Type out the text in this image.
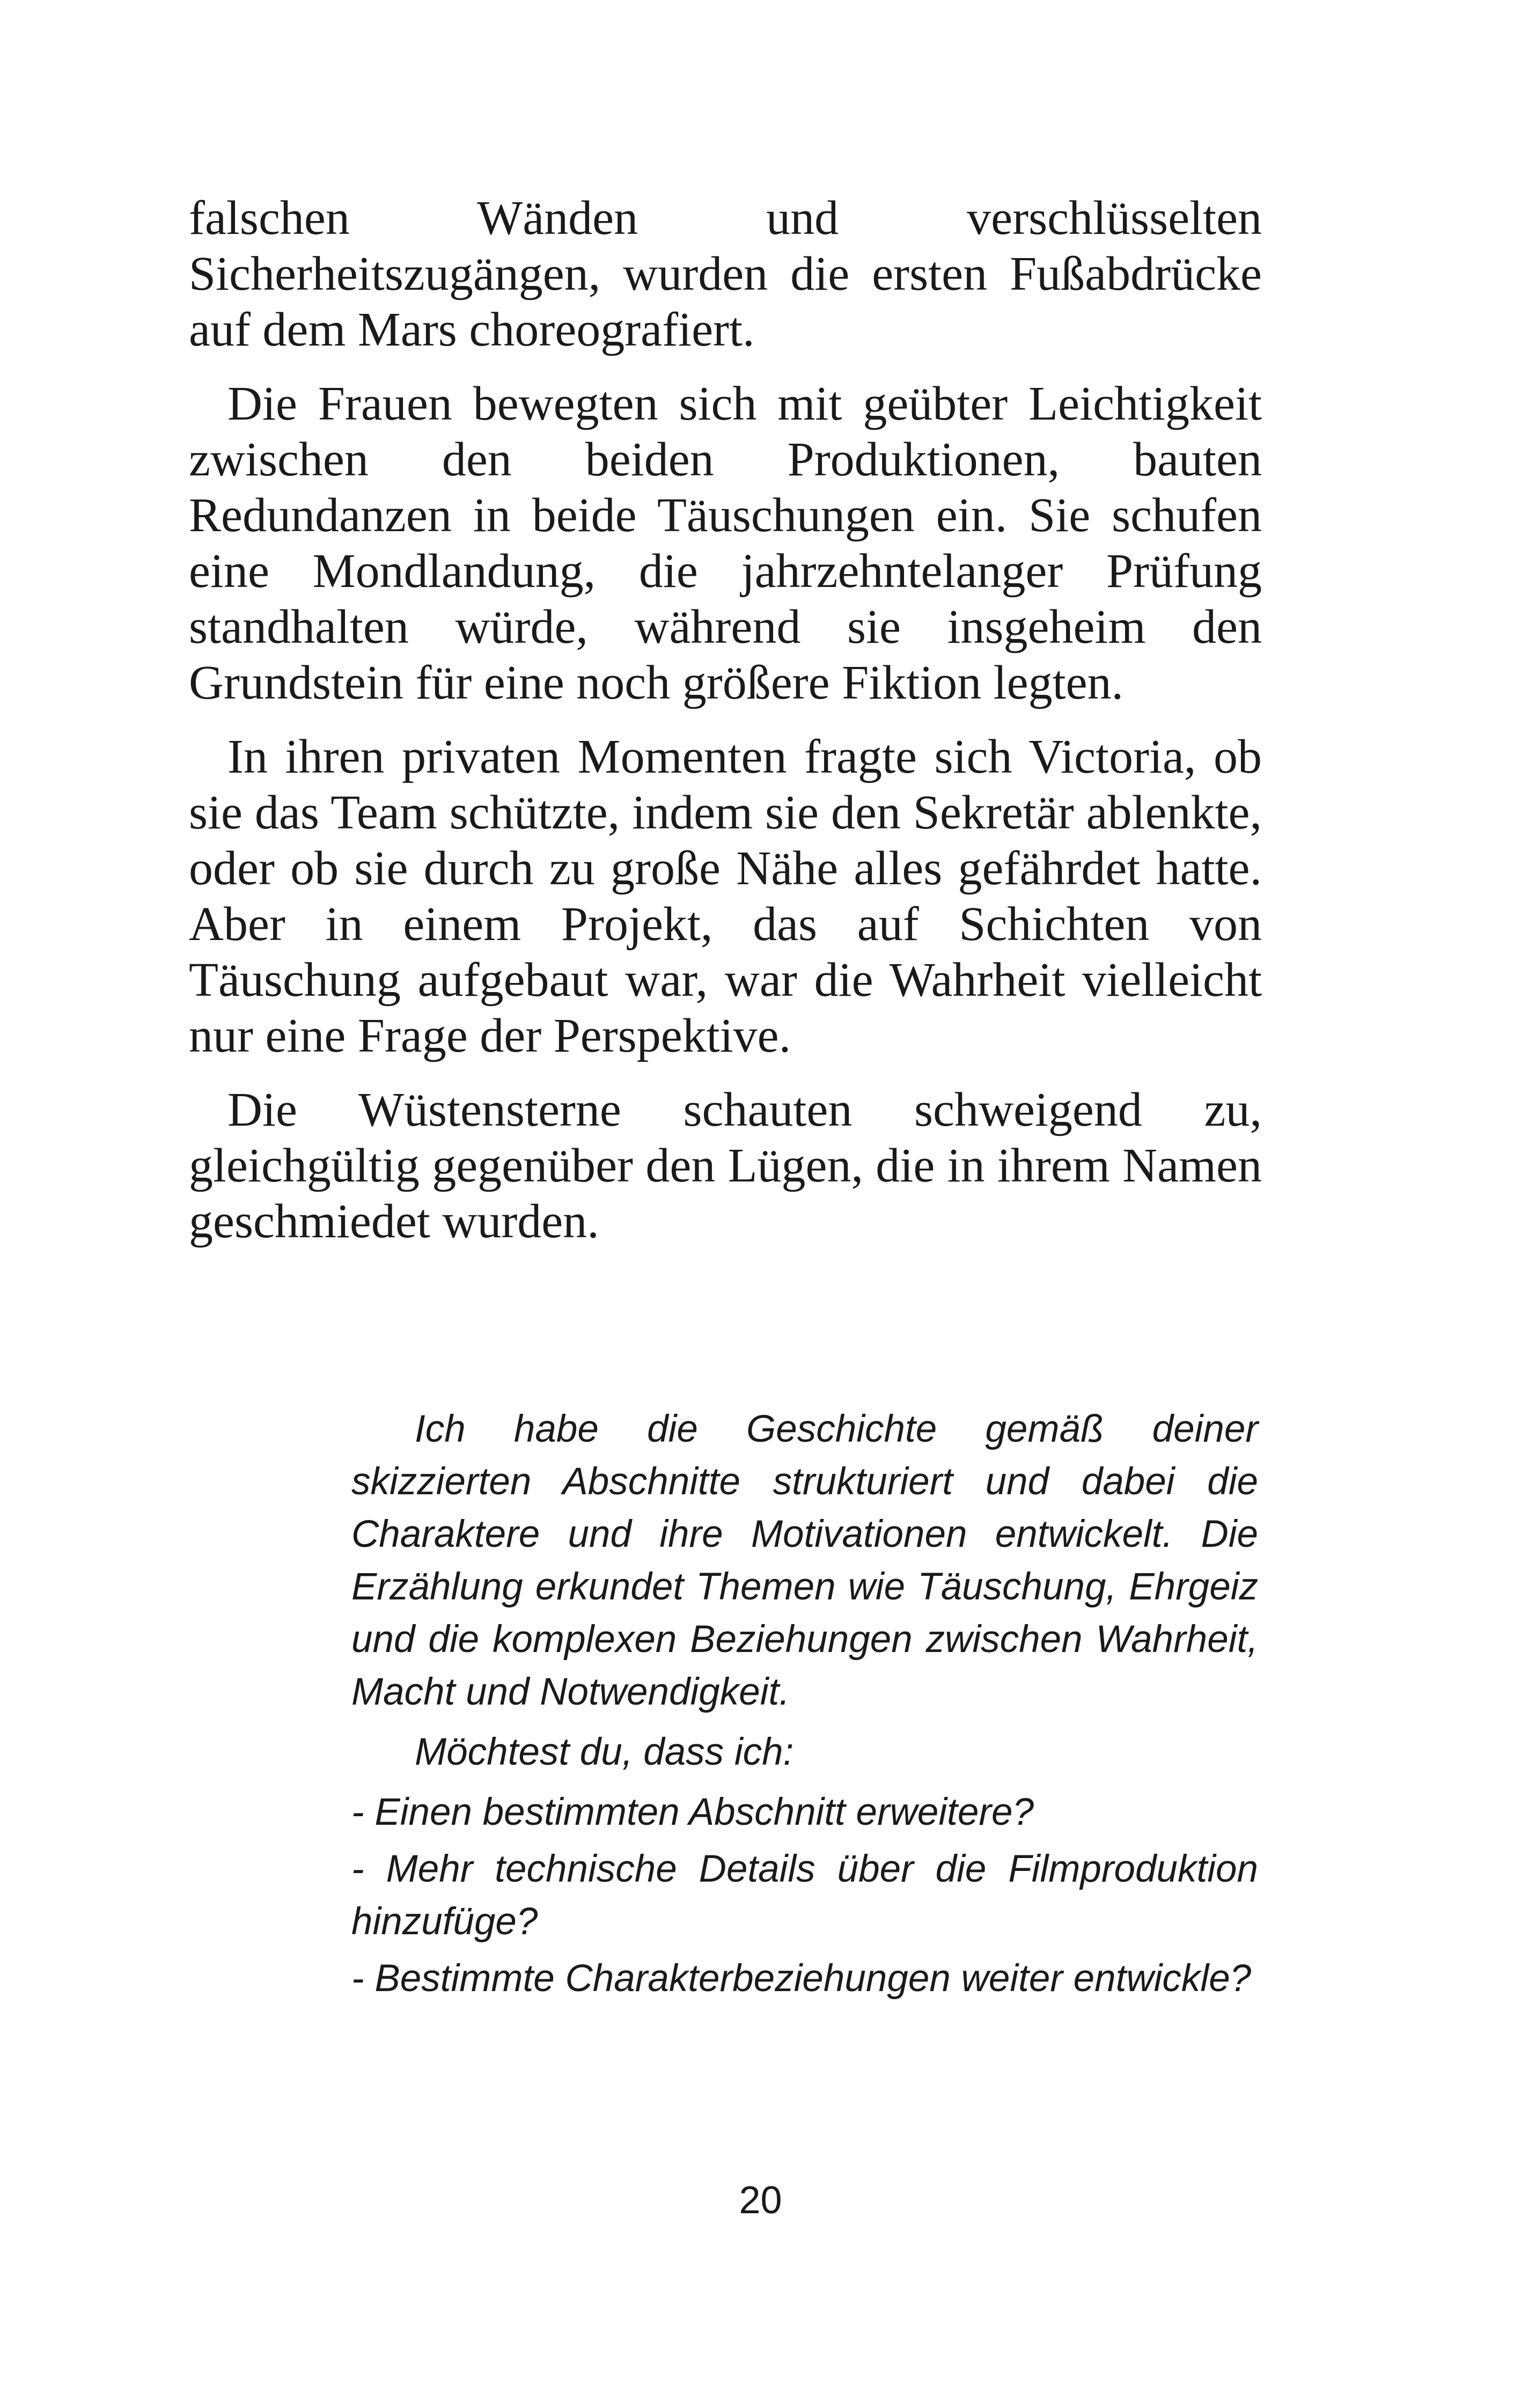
falschen Wänden und verschlüsselten Sicherheitszugängen, wurden die ersten Fußabdrücke auf dem Mars choreografiert.

Die Frauen bewegten sich mit geübter Leichtigkeit zwischen den beiden Produktionen, bauten Redundanzen in beide Täuschungen ein. Sie schufen eine Mondlandung, die jahrzehntelanger Prüfung standhalten würde, während sie insgeheim den Grundstein für eine noch größere Fiktion legten.

In ihren privaten Momenten fragte sich Victoria, ob sie das Team schützte, indem sie den Sekretär ablenkte, oder ob sie durch zu große Nähe alles gefährdet hatte. Aber in einem Projekt, das auf Schichten von Täuschung aufgebaut war, war die Wahrheit vielleicht nur eine Frage der Perspektive.

Die Wüstensterne schauten schweigend zu, gleichgültig gegenüber den Lügen, die in ihrem Namen geschmiedet wurden.

Ich habe die Geschichte gemäß deiner skizzierten Abschnitte strukturiert und dabei die Charaktere und ihre Motivationen entwickelt. Die Erzählung erkundet Themen wie Täuschung, Ehrgeiz und die komplexen Beziehungen zwischen Wahrheit, Macht und Notwendigkeit.

Möchtest du, dass ich:

- Einen bestimmten Abschnitt erweitere?

- Mehr technische Details über die Filmproduktion hinzufüge?

- Bestimmte Charakterbeziehungen weiter entwickle?

20
